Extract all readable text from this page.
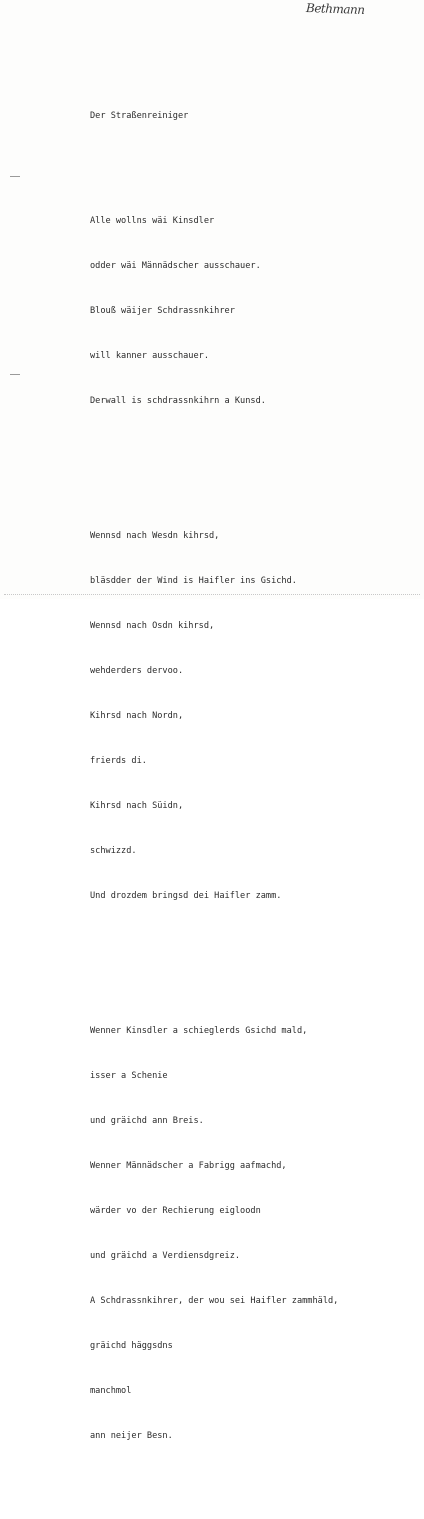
Bethmann

Der Straßenreiniger

Alle wollns wäi Kinsdler

odder wäi Männädscher ausschauer.

Blouß wäijer Schdrassnkihrer

will kanner ausschauer.

Derwall is schdrassnkihrn a Kunsd.

Wennsd nach Wesdn kihrsd,

bläsdder der Wind is Haifler ins Gsichd.

Wennsd nach Osdn kihrsd,

wehderders dervoo.

Kihrsd nach Nordn,

frierds di.

Kihrsd nach Süidn,

schwizzd.

Und drozdem bringsd dei Haifler zamm.

Wenner Kinsdler a schieglerds Gsichd mald,

isser a Schenie

und gräichd ann Breis.

Wenner Männädscher a Fabrigg aafmachd,

wärder vo der Rechierung eigloodn

und gräichd a Verdiensdgreiz.

A Schdrassnkihrer, der wou sei Haifler zammhäld,

gräichd häggsdns

manchmol

ann neijer Besn.
